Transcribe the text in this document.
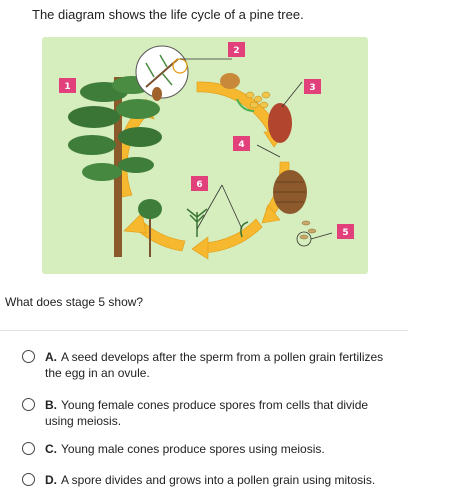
The diagram shows the life cycle of a pine tree.
1
2
3
4
5
6
What does stage 5 show?
A. A seed develops after the sperm from a pollen grain fertilizes the egg in an ovule.
B. Young female cones produce spores from cells that divide using meiosis.
C. Young male cones produce spores using meiosis.
D. A spore divides and grows into a pollen grain using mitosis.
